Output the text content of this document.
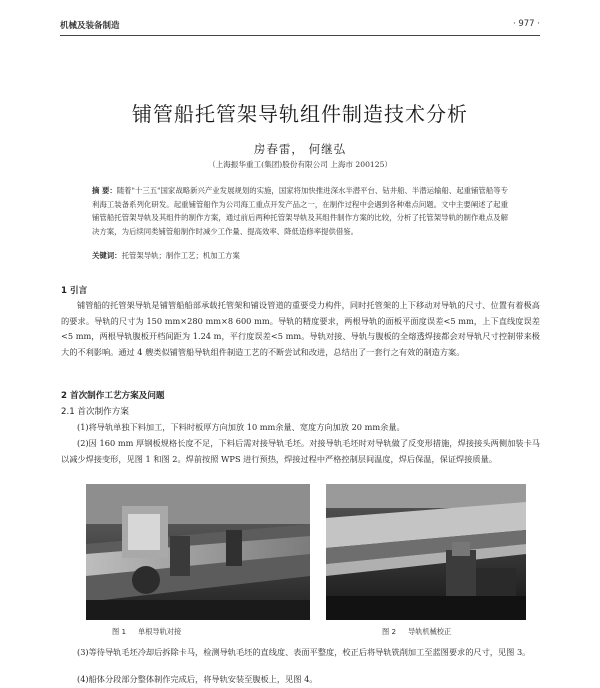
机械及装备制造	· 977 ·
铺管船托管架导轨组件制造技术分析
房春雷， 何继弘
（上海振华重工(集团)股份有限公司 上海市 200125）
摘 要：随着"十三五"国家战略新兴产业发展规划的实施，国家将加快推进深水半潜平台、钻井船、半潜运输船、起重铺管船等专利海工装备系列化研发。起重铺管船作为公司海工重点开发产品之一，在制作过程中会遇到各种难点问题。文中主要阐述了起重铺管船托管架导轨及其组件的制作方案，通过前后两种托管架导轨及其组件制作方案的比较，分析了托管架导轨的制作难点及解决方案，为后续同类铺管船制作时减少工作量、提高效率、降低造修率提供借鉴。
关键词：托管架导轨；制作工艺；机加工方案
1 引言
铺管船的托管架导轨是铺管船船部承载托管架和铺设管道的重要受力构件，同时托管架的上下移动对导轨的尺寸、位置有着极高的要求。导轨的尺寸为 150 mm×280 mm×8 600 mm。导轨的精度要求，两根导轨的面板平面度误差<5 mm，上下直线度误差<5 mm，两根导轨腹板开档间距为 1.24 m，平行度误差<5 mm。导轨对接、导轨与腹板的全熔透焊接都会对导轨尺寸控制带来极大的不利影响。通过 4 艘类似铺管船导轨组件制造工艺的不断尝试和改进，总结出了一套行之有效的制造方案。
2 首次制作工艺方案及问题
2.1 首次制作方案
(1)将导轨单独下料加工，下料时板厚方向加放 10 mm余量、宽度方向加放 20 mm余量。
(2)因 160 mm 厚钢板规格长度不足，下料后需对接导轨毛坯。对接导轨毛坯时对导轨做了反变形措施，焊接接头两侧加装卡马以减少焊接变形，见图 1 和图 2。焊前按照 WPS 进行预热，焊接过程中严格控制层间温度，焊后保温，保证焊接质量。
图 1 单根导轨对接	图 2 导轨机械校正
(3)等待导轨毛坯冷却后拆除卡马，检测导轨毛坯的直线度、表面平整度，校正后将导轨铣削加工至蓝图要求的尺寸，见图 3。
(4)船体分段部分整体制作完成后，将导轨安装至腹板上，见图 4。
